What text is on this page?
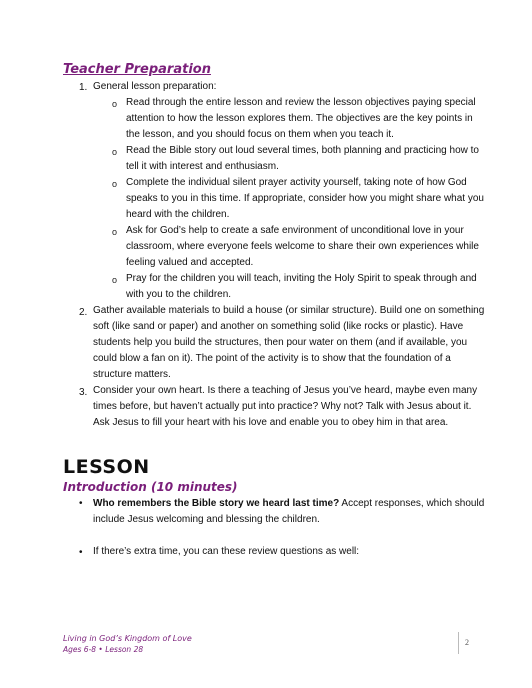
Teacher Preparation
1. General lesson preparation:
o Read through the entire lesson and review the lesson objectives paying special
attention to how the lesson explores them. The objectives are the key points in
the lesson, and you should focus on them when you teach it.
o Read the Bible story out loud several times, both planning and practicing how to
tell it with interest and enthusiasm.
o Complete the individual silent prayer activity yourself, taking note of how God
speaks to you in this time. If appropriate, consider how you might share what you
heard with the children.
o Ask for God’s help to create a safe environment of unconditional love in your
classroom, where everyone feels welcome to share their own experiences while
feeling valued and accepted.
o Pray for the children you will teach, inviting the Holy Spirit to speak through and
with you to the children.
2. Gather available materials to build a house (or similar structure). Build one on something
soft (like sand or paper) and another on something solid (like rocks or plastic). Have
students help you build the structures, then pour water on them (and if available, you
could blow a fan on it). The point of the activity is to show that the foundation of a
structure matters.
3. Consider your own heart. Is there a teaching of Jesus you’ve heard, maybe even many
times before, but haven’t actually put into practice? Why not? Talk with Jesus about it.
Ask Jesus to fill your heart with his love and enable you to obey him in that area.
LESSON
Introduction (10 minutes)
• Who remembers the Bible story we heard last time? Accept responses, which should
include Jesus welcoming and blessing the children.
• If there’s extra time, you can these review questions as well:
Living in God’s Kingdom of Love
Ages 6-8 • Lesson 28
2
